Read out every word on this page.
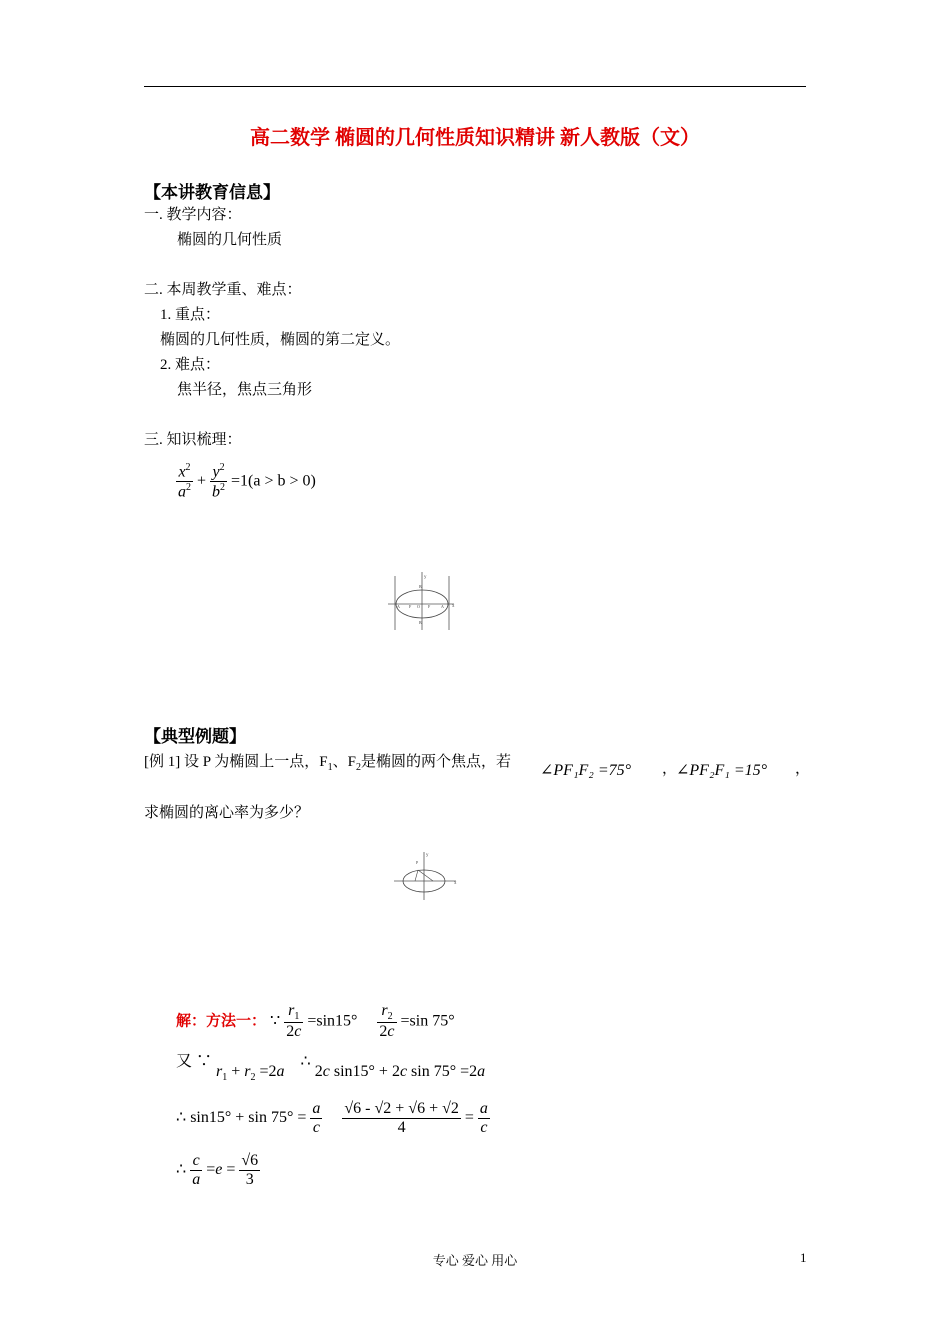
高二数学 椭圆的几何性质知识精讲 新人教版（文）
【本讲教育信息】
一. 教学内容：
椭圆的几何性质
二. 本周教学重、难点：
1. 重点：
椭圆的几何性质，椭圆的第二定义。
2. 难点：
焦半径，焦点三角形
三. 知识梳理：
$\frac{x^2}{a^2} + \frac{y^2}{b^2} =1(a > b > 0)$
y
x
B
A F O F	A
B
【典型例题】
[例 1] 设 P 为椭圆上一点，$F_1$、$F_2$是椭圆的两个焦点，若 ∠PF₁F₂ =75° ，
∠PF₂F₁ =15° ，
求椭圆的离心率为多少？
P
y
x
解：方法一： ∵ $\frac{r_1}{2c} =\sin 15^\circ \frac{r_2}{2c} =\sin$ 75°
又 ∵ $r_1 + r_2 =2a$    ∴ 2c sin15° + 2c sin 75° =2a
∴ $\sin 15^\circ + \sin 75^\circ = \frac{a}{c}$
$\frac{√6 - √2 + √6 + √2}{4} = \frac{a}{c}$
∴ $\frac{c}{a} =e = \frac{√6}{3}$
专心 爱心 用心	1
